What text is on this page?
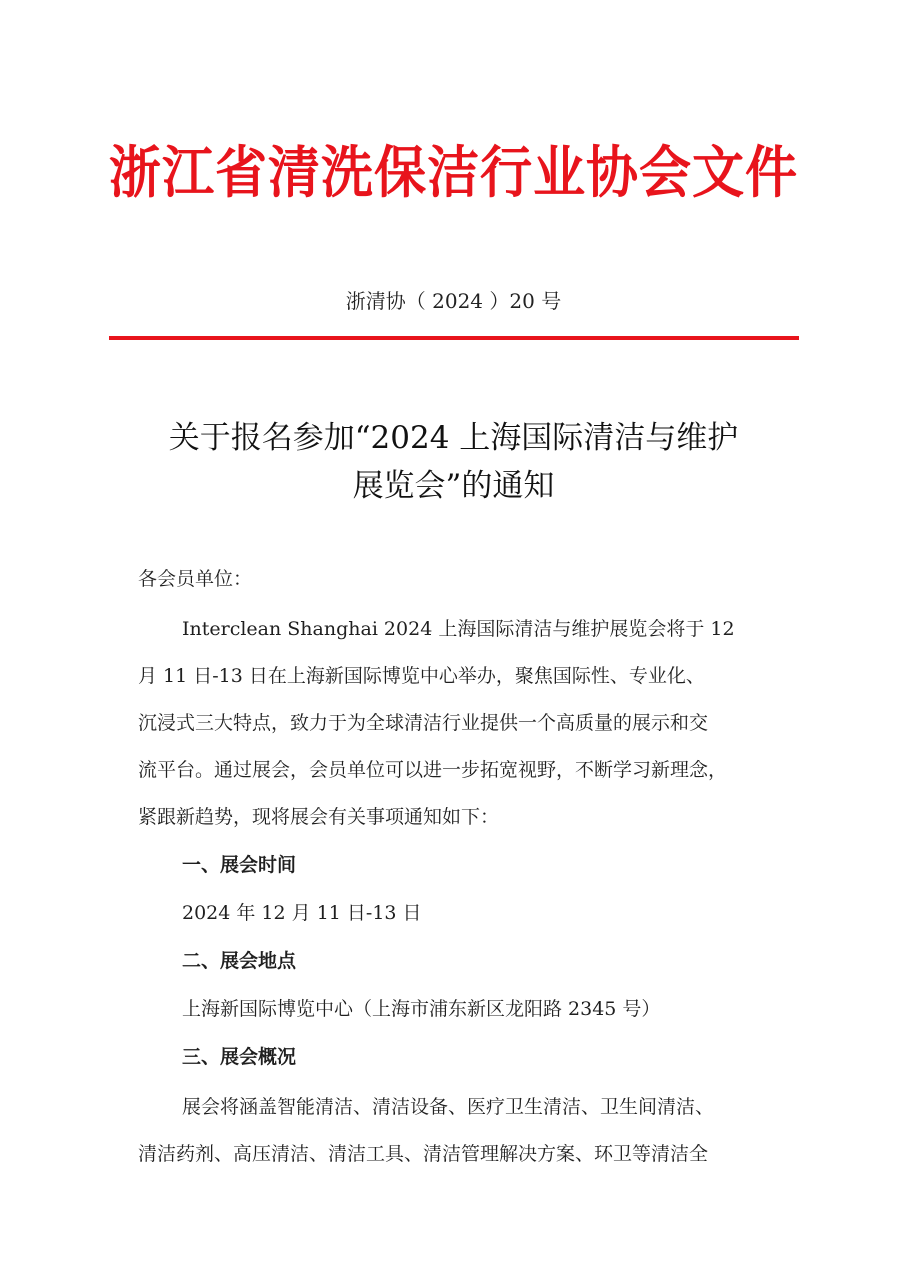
浙江省清洗保洁行业协会文件
浙清协（ 2024 ）20 号
关于报名参加“2024 上海国际清洁与维护
展览会”的通知
各会员单位：
Interclean Shanghai 2024 上海国际清洁与维护展览会将于 12
月 11 日-13 日在上海新国际博览中心举办，聚焦国际性、专业化、
沉浸式三大特点，致力于为全球清洁行业提供一个高质量的展示和交
流平台。通过展会，会员单位可以进一步拓宽视野，不断学习新理念，
紧跟新趋势，现将展会有关事项通知如下：
一、展会时间
2024 年 12 月 11 日-13 日
二、展会地点
上海新国际博览中心（上海市浦东新区龙阳路 2345 号）
三、展会概况
展会将涵盖智能清洁、清洁设备、医疗卫生清洁、卫生间清洁、
清洁药剂、高压清洁、清洁工具、清洁管理解决方案、环卫等清洁全
